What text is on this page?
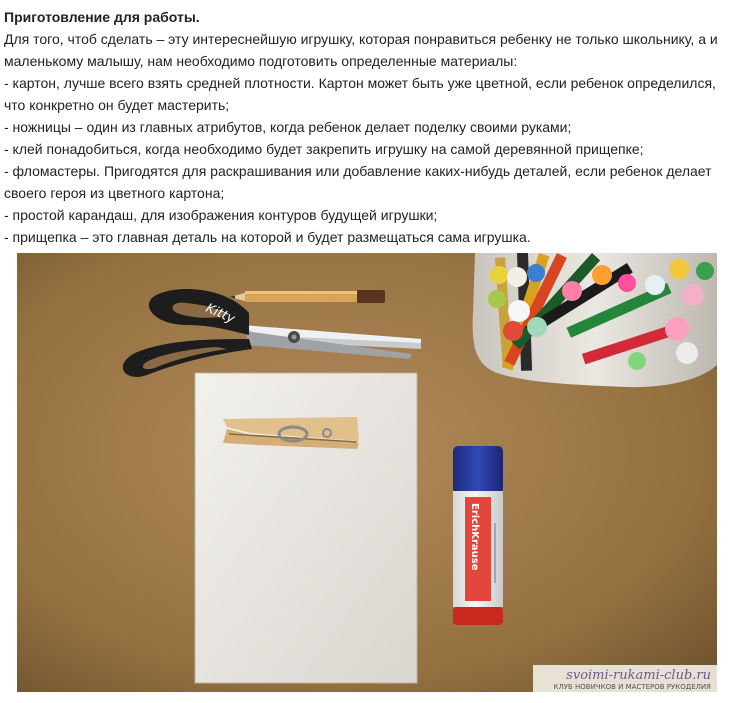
Приготовление для работы.

Для того, чтоб сделать – эту интереснейшую игрушку, которая понравиться ребенку не только школьнику, а и маленькому малышу, нам необходимо подготовить определенные материалы:

- картон, лучше всего взять средней плотности. Картон может быть уже цветной, если ребенок определился, что конкретно он будет мастерить;

- ножницы – один из главных атрибутов, когда ребенок делает поделку своими руками;

- клей понадобиться, когда необходимо будет закрепить игрушку на самой деревянной прищепке;

- фломастеры. Пригодятся для раскрашивания или добавление каких-нибудь деталей, если ребенок делает своего героя из цветного картона;

- простой карандаш, для изображения контуров будущей игрушки;

- прищепка – это главная деталь на которой и будет размещаться сама игрушка.

Kitty
ErichKrause
svoimi-rukami-club.ru
КЛУБ НОВИЧКОВ И МАСТЕРОВ РУКОДЕЛИЯ
